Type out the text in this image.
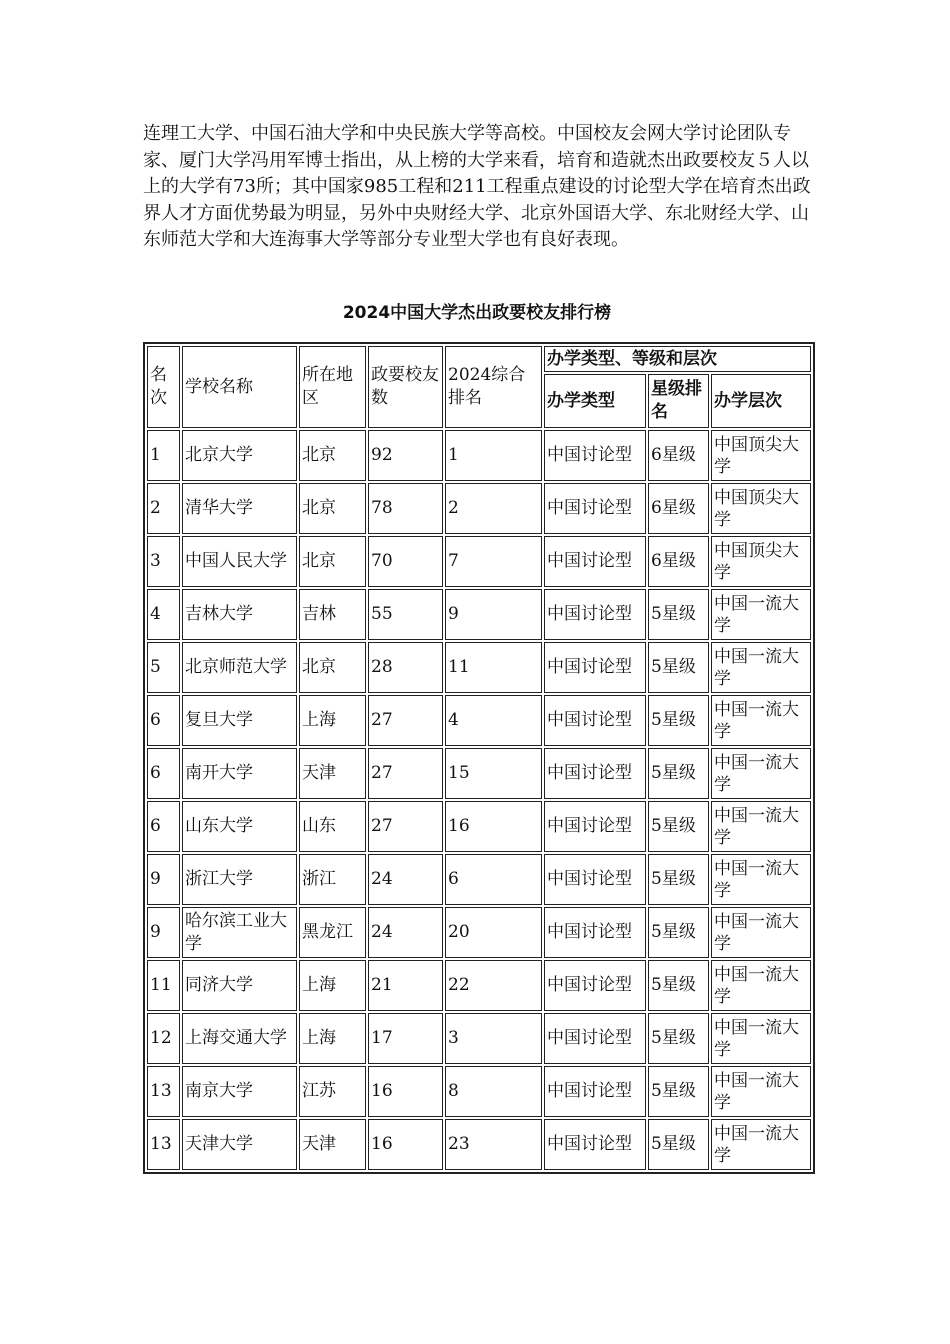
连理工大学、中国石油大学和中央民族大学等高校。中国校友会网大学讨论团队专家、厦门大学冯用军博士指出，从上榜的大学来看，培育和造就杰出政要校友５人以上的大学有73所；其中国家985工程和211工程重点建设的讨论型大学在培育杰出政界人才方面优势最为明显，另外中央财经大学、北京外国语大学、东北财经大学、山东师范大学和大连海事大学等部分专业型大学也有良好表现。

2024中国大学杰出政要校友排行榜

名次	学校名称	所在地区	政要校友数	2024综合排名	办学类型、等级和层次		
					办学类型	星级排名	办学层次
1	北京大学	北京	92	1	中国讨论型	6星级	中国顶尖大学
2	清华大学	北京	78	2	中国讨论型	6星级	中国顶尖大学
3	中国人民大学	北京	70	7	中国讨论型	6星级	中国顶尖大学
4	吉林大学	吉林	55	9	中国讨论型	5星级	中国一流大学
5	北京师范大学	北京	28	11	中国讨论型	5星级	中国一流大学
6	复旦大学	上海	27	4	中国讨论型	5星级	中国一流大学
6	南开大学	天津	27	15	中国讨论型	5星级	中国一流大学
6	山东大学	山东	27	16	中国讨论型	5星级	中国一流大学
9	浙江大学	浙江	24	6	中国讨论型	5星级	中国一流大学
9	哈尔滨工业大学	黑龙江	24	20	中国讨论型	5星级	中国一流大学
11	同济大学	上海	21	22	中国讨论型	5星级	中国一流大学
12	上海交通大学	上海	17	3	中国讨论型	5星级	中国一流大学
13	南京大学	江苏	16	8	中国讨论型	5星级	中国一流大学
13	天津大学	天津	16	23	中国讨论型	5星级	中国一流大学
